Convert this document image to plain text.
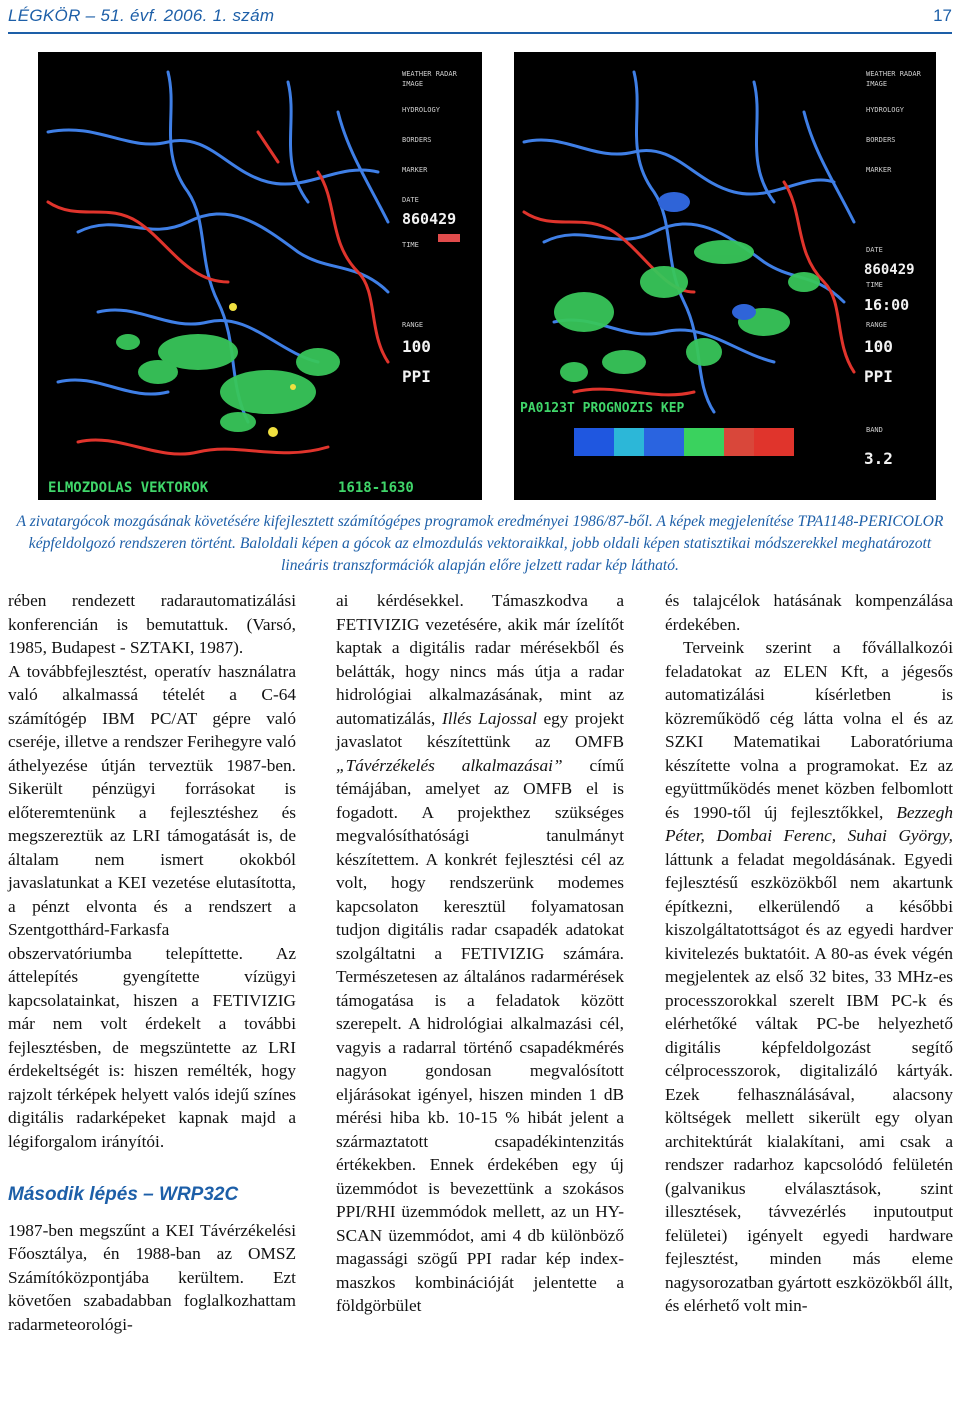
LÉGKÖR – 51. évf. 2006. 1. szám	17
WEATHER RADAR
IMAGE
HYDROLOGY
BORDERS
MARKER
DATE
TIME
RANGE
860429
100
PPI
ELMOZDOLAS VEKTOROK	1618-1630
WEATHER RADAR
IMAGE
HYDROLOGY
BORDERS
MARKER
DATE
TIME
RANGE
BAND
860429
16:00
100
PPI
3.2
PA0123T PROGNOZIS KEP
A zivatargócok mozgásának követésére kifejlesztett számítógépes programok eredményei 1986/87-ből. A képek megjelenítése TPA1148-PERICOLOR képfeldolgozó rendszeren történt. Baloldali képen a gócok az elmozdulás vektoraikkal, jobb oldali képen statisztikai módszerekkel meghatározott lineáris transzformációk alapján előre jelzett radar kép látható.

rében rendezett radarautomatizálási konferencián is bemutattuk. (Varsó, 1985, Budapest - SZTAKI, 1987).

A továbbfejlesztést, operatív használatra való alkalmassá tételét a C-64 számítógép IBM PC/AT gépre való cseréje, illetve a rendszer Ferihegyre való áthelyezése útján terveztük 1987-ben. Sikerült pénzügyi forrásokat is előteremtenünk a fejlesztéshez és megszereztük az LRI támogatását is, de általam nem ismert okokból javaslatunkat a KEI vezetése elutasította, a pénzt elvonta és a rendszert a Szentgotthárd-Farkasfa obszervatóriumba telepíttette. Az áttelepítés gyengítette vízügyi kapcsolatainkat, hiszen a FETIVIZIG már nem volt érdekelt a további fejlesztésben, de megszüntette az LRI érdekeltségét is: hiszen remélték, hogy rajzolt térképek helyett valós idejű színes digitális radarképeket kapnak majd a légiforgalom irányítói.

Második lépés – WRP32C

1987-ben megszűnt a KEI Távérzékelési Főosztálya, én 1988-ban az OMSZ Számítóközpontjába kerültem. Ezt követően szabadabban foglalkozhattam radarmeteorológi-

ai kérdésekkel. Támaszkodva a FETIVIZIG vezetésére, akik már ízelítőt kaptak a digitális radar mérésekből és belátták, hogy nincs más útja a radar hidrológiai alkalmazásának, mint az automatizálás, Illés Lajossal egy projekt javaslatot készítettünk az OMFB „Távérzékelés alkalmazásai” című témájában, amelyet az OMFB el is fogadott. A projekthez szükséges megvalósíthatósági tanulmányt készítettem. A konkrét fejlesztési cél az volt, hogy rendszerünk modemes kapcsolaton keresztül folyamatosan tudjon digitális radar csapadék adatokat szolgáltatni a FETIVIZIG számára. Természetesen az általános radarmérések támogatása is a feladatok között szerepelt. A hidrológiai alkalmazási cél, vagyis a radarral történő csapadékmérés nagyon gondosan megvalósított eljárásokat igényel, hiszen minden 1 dB mérési hiba kb. 10-15 % hibát jelent a származtatott csapadékintenzitás értékekben. Ennek érdekében egy új üzemmódot is bevezettünk a szokásos PPI/RHI üzemmódok mellett, az un HY-SCAN üzemmódot, ami 4 db különböző magassági szögű PPI radar kép index-maszkos kombinációját jelentette a földgörbület

és talajcélok hatásának kompenzálása érdekében.

Terveink szerint a fővállalkozói feladatokat az ELEN Kft, a jégesős automatizálási kísérletben is közreműködő cég látta volna el és az SZKI Matematikai Laboratóriuma készítette volna a programokat. Ez az együttműködés menet közben felbomlott és 1990-től új fejlesztőkkel, Bezzegh Péter, Dombai Ferenc, Suhai György, láttunk a feladat megoldásának. Egyedi fejlesztésű eszközökből nem akartunk építkezni, elkerülendő a későbbi kiszolgáltatottságot és az egyedi hardver kivitelezés buktatóit. A 80-as évek végén megjelentek az első 32 bites, 33 MHz-es processzorokkal szerelt IBM PC-k és elérhetőké váltak PC-be helyezhető digitális képfeldolgozást segítő célprocesszorok, digitalizáló kártyák. Ezek felhasználásával, alacsony költségek mellett sikerült egy olyan architektúrát kialakítani, ami csak a rendszer radarhoz kapcsolódó felületén (galvanikus elválasztások, szint illesztések, távvezérlés inputoutput felületei) igényelt egyedi hardware fejlesztést, minden más eleme nagysorozatban gyártott eszközökből állt, és elérhető volt min-
